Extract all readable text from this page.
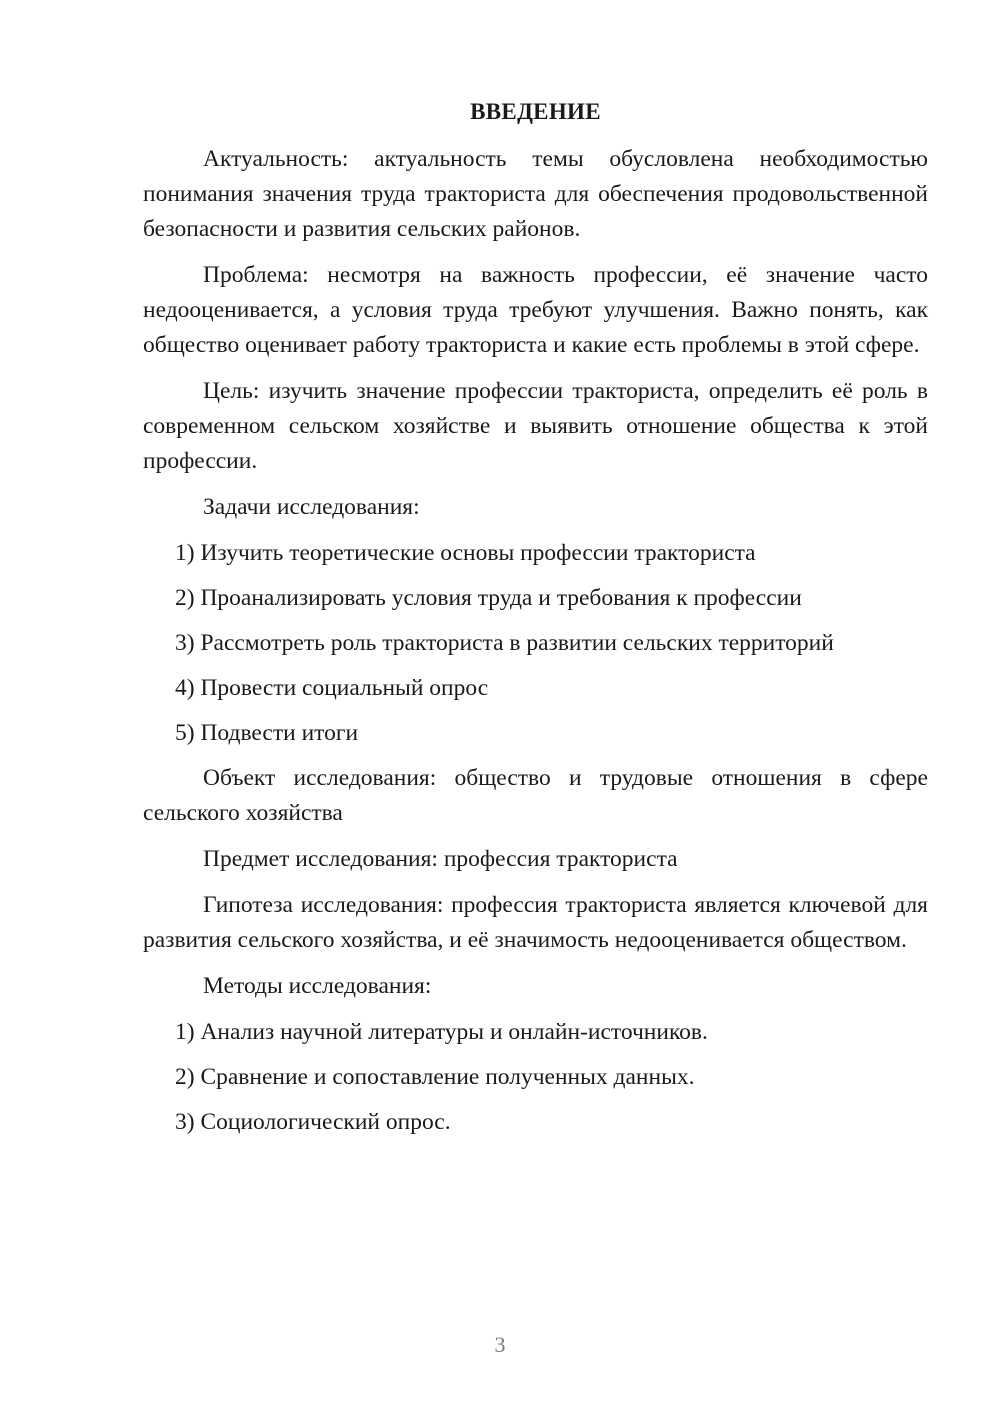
ВВЕДЕНИЕ

Актуальность: актуальность темы обусловлена необходимостью понимания значения труда тракториста для обеспечения продовольственной безопасности и развития сельских районов.

Проблема: несмотря на важность профессии, её значение часто недооценивается, а условия труда требуют улучшения. Важно понять, как общество оценивает работу тракториста и какие есть проблемы в этой сфере.

Цель: изучить значение профессии тракториста, определить её роль в современном сельском хозяйстве и выявить отношение общества к этой профессии.

Задачи исследования:

1) Изучить теоретические основы профессии тракториста

2) Проанализировать условия труда и требования к профессии

3) Рассмотреть роль тракториста в развитии сельских территорий

4) Провести социальный опрос

5) Подвести итоги

Объект исследования: общество и трудовые отношения в сфере сельского хозяйства

Предмет исследования: профессия тракториста

Гипотеза исследования: профессия тракториста является ключевой для развития сельского хозяйства, и её значимость недооценивается обществом.

Методы исследования:

1) Анализ научной литературы и онлайн-источников.

2) Сравнение и сопоставление полученных данных.

3) Социологический опрос.

3
